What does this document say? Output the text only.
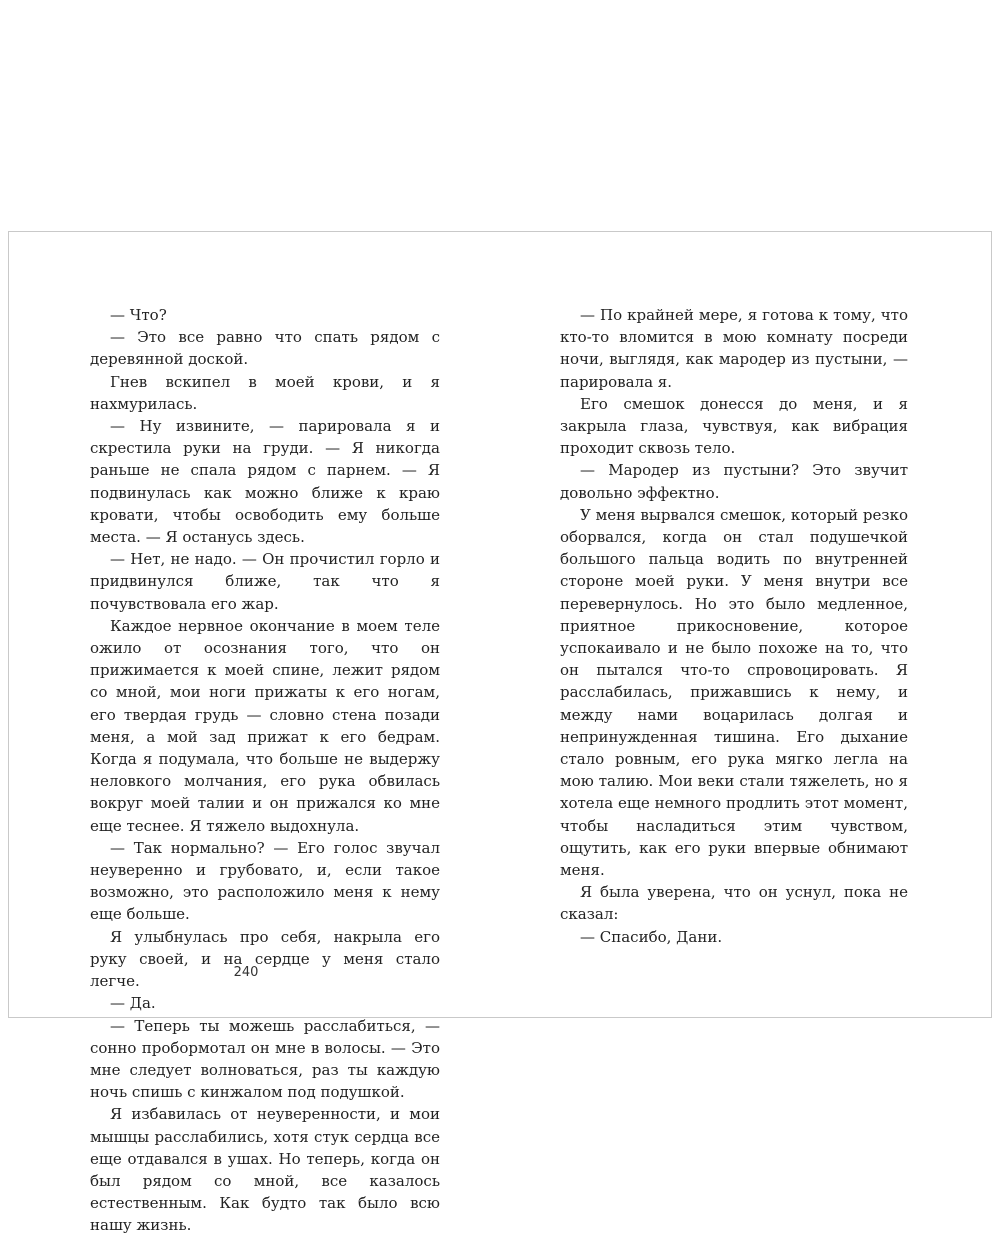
— Что?

— Это все равно что спать рядом с деревянной доской.

Гнев вскипел в моей крови, и я нахмурилась.

— Ну извините, — парировала я и скрестила руки на груди. — Я никогда раньше не спала рядом с парнем. — Я подвинулась как можно ближе к краю кровати, чтобы освободить ему больше места. — Я останусь здесь.

— Нет, не надо. — Он прочистил горло и придвинулся ближе, так что я почувствовала его жар.

Каждое нервное окончание в моем теле ожило от осознания того, что он прижимается к моей спине, лежит рядом со мной, мои ноги прижаты к его ногам, его твердая грудь — словно стена позади меня, а мой зад прижат к его бедрам. Когда я подумала, что больше не выдержу неловкого молчания, его рука обвилась вокруг моей талии и он прижался ко мне еще теснее. Я тяжело выдохнула.

— Так нормально? — Его голос звучал неуверенно и грубовато, и, если такое возможно, это расположило меня к нему еще больше.

Я улыбнулась про себя, накрыла его руку своей, и на сердце у меня стало легче.

— Да.

— Теперь ты можешь расслабиться, — сонно пробормотал он мне в волосы. — Это мне следует волноваться, раз ты каждую ночь спишь с кинжалом под подушкой.

Я избавилась от неуверенности, и мои мышцы расслабились, хотя стук сердца все еще отдавался в ушах. Но теперь, когда он был рядом со мной, все казалось естественным. Как будто так было всю нашу жизнь.

240

— По крайней мере, я готова к тому, что кто-то вломится в мою комнату посреди ночи, выглядя, как мародер из пустыни, — парировала я.

Его смешок донесся до меня, и я закрыла глаза, чувствуя, как вибрация проходит сквозь тело.

— Мародер из пустыни? Это звучит довольно эффектно.

У меня вырвался смешок, который резко оборвался, когда он стал подушечкой большого пальца водить по внутренней стороне моей руки. У меня внутри все перевернулось. Но это было медленное, приятное прикосновение, которое успокаивало и не было похоже на то, что он пытался что-то спровоцировать. Я расслабилась, прижавшись к нему, и между нами воцарилась долгая и непринужденная тишина. Его дыхание стало ровным, его рука мягко легла на мою талию. Мои веки стали тяжелеть, но я хотела еще немного продлить этот момент, чтобы насладиться этим чувством, ощутить, как его руки впервые обнимают меня.

Я была уверена, что он уснул, пока не сказал:

— Спасибо, Дани.
